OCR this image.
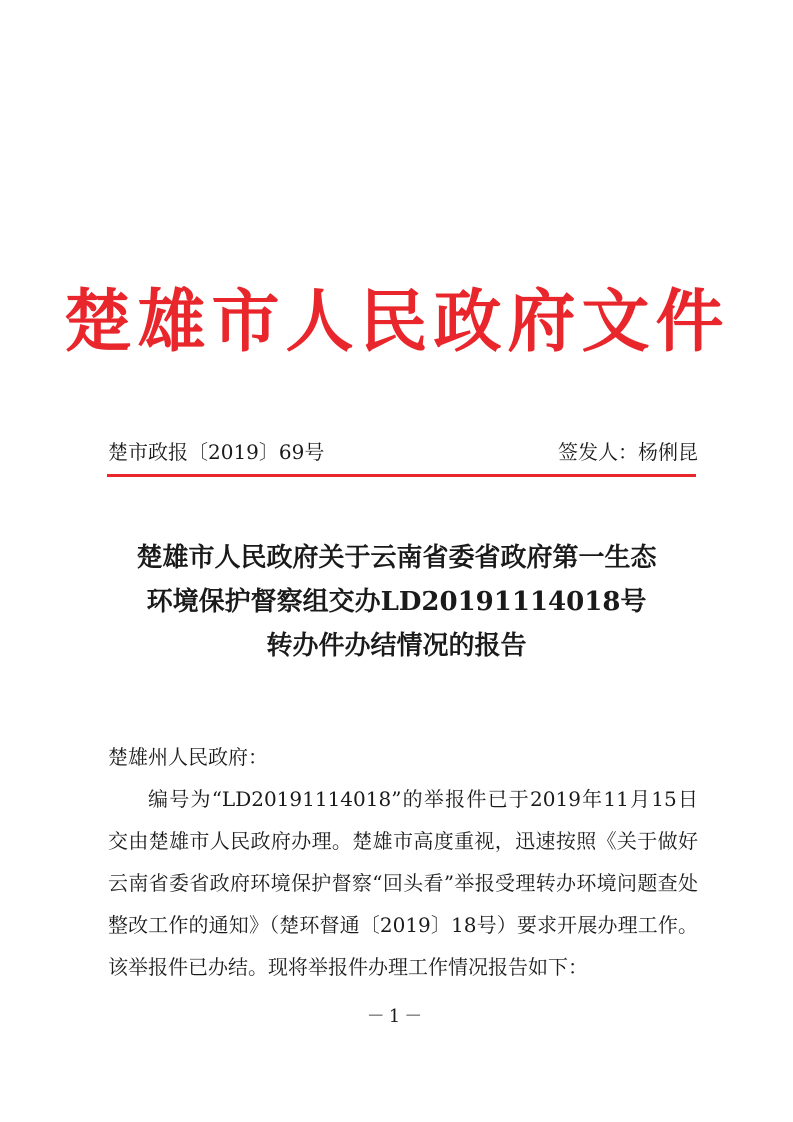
楚雄市人民政府文件
楚市政报〔2019〕69号	签发人：杨俐昆
楚雄市人民政府关于云南省委省政府第一生态
环境保护督察组交办LD20191114018号
转办件办结情况的报告
楚雄州人民政府：
编号为“LD20191114018”的举报件已于2019年11月15日交由楚雄市人民政府办理。楚雄市高度重视，迅速按照《关于做好云南省委省政府环境保护督察“回头看”举报受理转办环境问题查处整改工作的通知》（楚环督通〔2019〕18号）要求开展办理工作。该举报件已办结。现将举报件办理工作情况报告如下：
－1－
